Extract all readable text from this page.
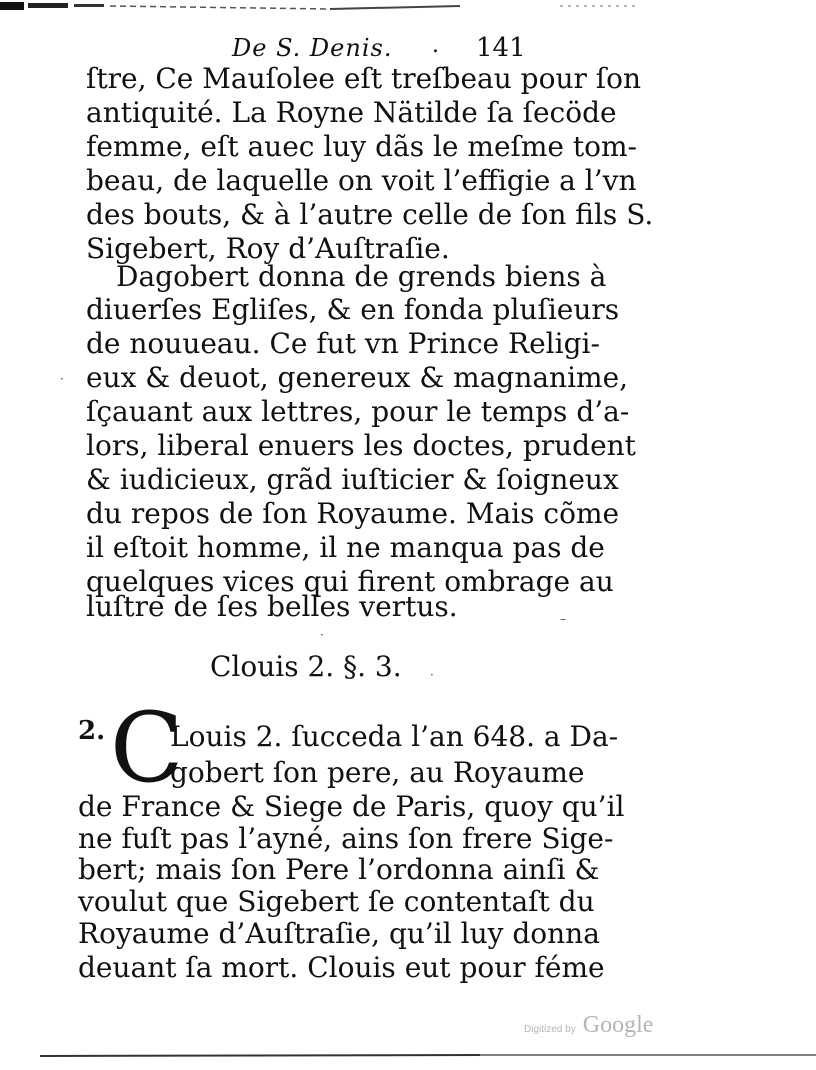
De S. Denis. . 141
ſtre, Ce Mauſolee eſt treſbeau pour ſon
antiquité. La Royne Nätilde ſa ſecöde
femme, eſt auec luy dãs le meſme tom-
beau, de laquelle on voit l’effigie a l’vn
des bouts, & à l’autre celle de ſon fils S.
Sigebert, Roy d’Auſtraſie.
Dagobert donna de grends biens à
diuerſes Egliſes, & en fonda pluſieurs
de nouueau. Ce fut vn Prince Religi-
eux & deuot, genereux & magnanime,
ſçauant aux lettres, pour le temps d’a-
lors, liberal enuers les doctes, prudent
& iudicieux, grãd iuſticier & ſoigneux
du repos de ſon Royaume. Mais cõme
il eſtoit homme, il ne manqua pas de
quelques vices qui firent ombrage au
luſtre de ſes belles vertus.
Clouis 2. §. 3.
2. C
Louis 2. ſucceda l’an 648. a Da-
gobert ſon pere, au Royaume
de France & Siege de Paris, quoy qu’il
ne fuſt pas l’ayné, ains ſon frere Sige-
bert; mais ſon Pere l’ordonna ainſi &
voulut que Sigebert ſe contentaſt du
Royaume d’Auſtraſie, qu’il luy donna
deuant ſa mort. Clouis eut pour féme
·
–
·
·
Digitized by Google
